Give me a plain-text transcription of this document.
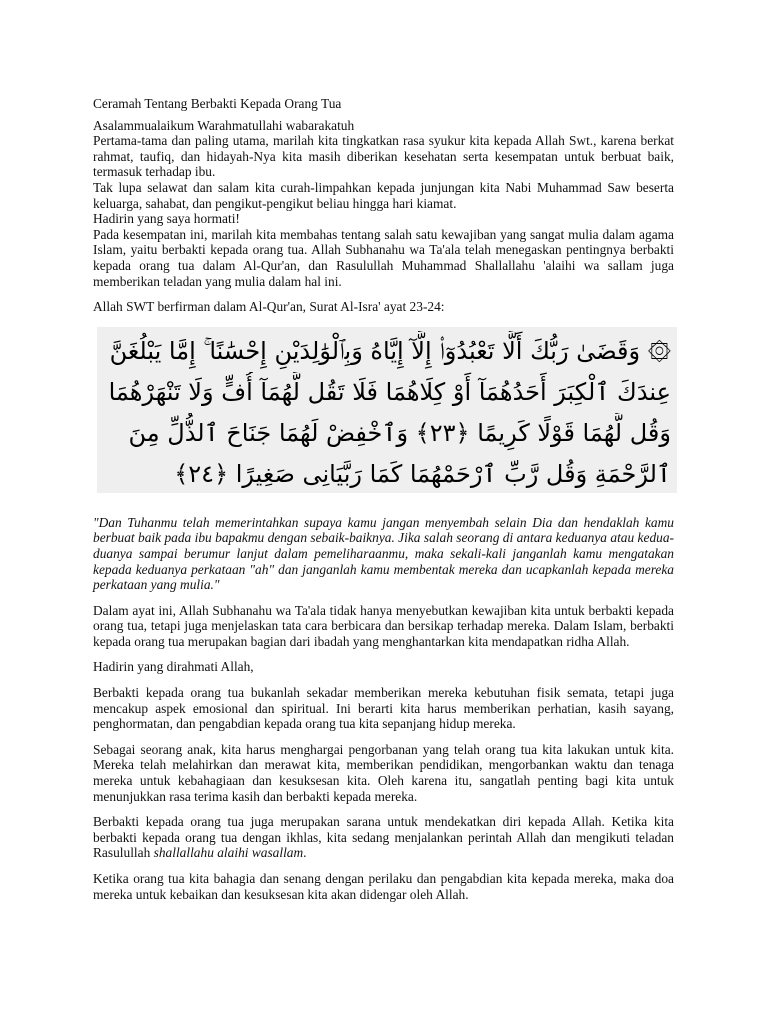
Ceramah Tentang Berbakti Kepada Orang Tua

Asalammualaikum Warahmatullahi wabarakatuh

Pertama-tama dan paling utama, marilah kita tingkatkan rasa syukur kita kepada Allah Swt., karena berkat rahmat, taufiq, dan hidayah-Nya kita masih diberikan kesehatan serta kesempatan untuk berbuat baik, termasuk terhadap ibu.

Tak lupa selawat dan salam kita curah-limpahkan kepada junjungan kita Nabi Muhammad Saw beserta keluarga, sahabat, dan pengikut-pengikut beliau hingga hari kiamat.

Hadirin yang saya hormati!

Pada kesempatan ini, marilah kita membahas tentang salah satu kewajiban yang sangat mulia dalam agama Islam, yaitu berbakti kepada orang tua. Allah Subhanahu wa Ta'ala telah menegaskan pentingnya berbakti kepada orang tua dalam Al-Qur'an, dan Rasulullah Muhammad Shallallahu 'alaihi wa sallam juga memberikan teladan yang mulia dalam hal ini.

Allah SWT berfirman dalam Al-Qur'an, Surat Al-Isra' ayat 23-24:

۞ وَقَضَىٰ رَبُّكَ أَلَّا تَعْبُدُوٓا۟ إِلَّآ إِيَّاهُ وَبِٱلْوَٰلِدَيْنِ إِحْسَٰنًا ۚ إِمَّا يَبْلُغَنَّ
عِندَكَ ٱلْكِبَرَ أَحَدُهُمَآ أَوْ كِلَاهُمَا فَلَا تَقُل لَّهُمَآ أُفٍّ وَلَا تَنْهَرْهُمَا
وَقُل لَّهُمَا قَوْلًا كَرِيمًا ﴿٢٣﴾ وَٱخْفِضْ لَهُمَا جَنَاحَ ٱلذُّلِّ مِنَ
ٱلرَّحْمَةِ وَقُل رَّبِّ ٱرْحَمْهُمَا كَمَا رَبَّيَانِى صَغِيرًا ﴿٢٤﴾

"Dan Tuhanmu telah memerintahkan supaya kamu jangan menyembah selain Dia dan hendaklah kamu berbuat baik pada ibu bapakmu dengan sebaik-baiknya. Jika salah seorang di antara keduanya atau kedua-duanya sampai berumur lanjut dalam pemeliharaanmu, maka sekali-kali janganlah kamu mengatakan kepada keduanya perkataan "ah" dan janganlah kamu membentak mereka dan ucapkanlah kepada mereka perkataan yang mulia."

Dalam ayat ini, Allah Subhanahu wa Ta'ala tidak hanya menyebutkan kewajiban kita untuk berbakti kepada orang tua, tetapi juga menjelaskan tata cara berbicara dan bersikap terhadap mereka. Dalam Islam, berbakti kepada orang tua merupakan bagian dari ibadah yang menghantarkan kita mendapatkan ridha Allah.

Hadirin yang dirahmati Allah,

Berbakti kepada orang tua bukanlah sekadar memberikan mereka kebutuhan fisik semata, tetapi juga mencakup aspek emosional dan spiritual. Ini berarti kita harus memberikan perhatian, kasih sayang, penghormatan, dan pengabdian kepada orang tua kita sepanjang hidup mereka.

Sebagai seorang anak, kita harus menghargai pengorbanan yang telah orang tua kita lakukan untuk kita. Mereka telah melahirkan dan merawat kita, memberikan pendidikan, mengorbankan waktu dan tenaga mereka untuk kebahagiaan dan kesuksesan kita. Oleh karena itu, sangatlah penting bagi kita untuk menunjukkan rasa terima kasih dan berbakti kepada mereka.

Berbakti kepada orang tua juga merupakan sarana untuk mendekatkan diri kepada Allah. Ketika kita berbakti kepada orang tua dengan ikhlas, kita sedang menjalankan perintah Allah dan mengikuti teladan Rasulullah shallallahu alaihi wasallam.

Ketika orang tua kita bahagia dan senang dengan perilaku dan pengabdian kita kepada mereka, maka doa mereka untuk kebaikan dan kesuksesan kita akan didengar oleh Allah.
